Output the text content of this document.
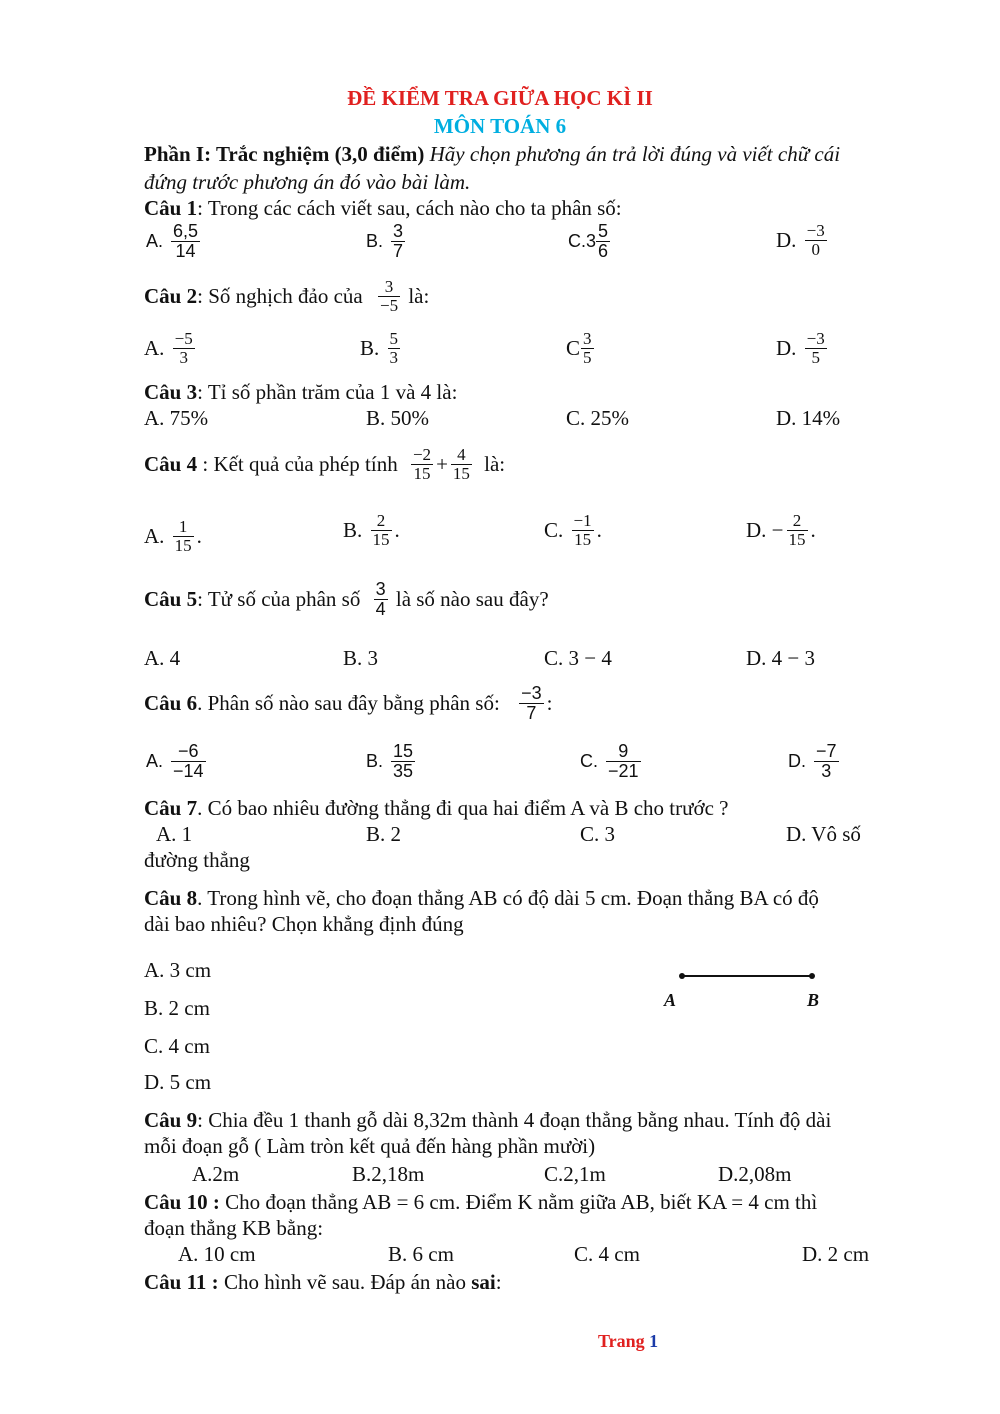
ĐỀ KIỂM TRA GIỮA HỌC KÌ II
MÔN TOÁN 6
Phần I: Trắc nghiệm (3,0 điểm) Hãy chọn phương án trả lời đúng và viết chữ cái
đứng trước phương án đó vào bài làm.
Câu 1: Trong các cách viết sau, cách nào cho ta phân số:
A. $\frac{6,5}{14}$	B. $\frac{3}{7}$	$C.3 \frac{5}{6}$	D. $\frac{-3}{0}$
Câu 2: Số nghịch đảo của $\frac{3}{-5}$ là:
A. $\frac{-5}{3}$	B. $\frac{5}{3}$	C $\frac{3}{5}$	D. $\frac{-3}{5}$
Câu 3: Tỉ số phần trăm của 1 và 4 là:
A. 75%	B. 50%	C. 25%	D. 14%
Câu 4 : Kết quả của phép tính $\frac{-2}{15} + \frac{4}{15}$ là:
A. $\frac{1}{15}$ .	B. $\frac{2}{15}$ .	C. $\frac{-1}{15}$ .	D. − $\frac{2}{15}$ .
Câu 5: Tử số của phân số $\frac{3}{4}$ là số nào sau đây?
A. 4	B. 3	C. 3 − 4	D. 4 − 3
Câu 6. Phân số nào sau đây bằng phân số: $\frac{-3}{7}$ :
A. $\frac{-6}{-14}$	B. $\frac{15}{35}$	C. $\frac{9}{-21}$	D. $\frac{-7}{3}$
Câu 7. Có bao nhiêu đường thẳng đi qua hai điểm A và B cho trước ?
A. 1	B. 2	C. 3	D. Vô số
đường thẳng
Câu 8. Trong hình vẽ, cho đoạn thẳng AB có độ dài 5 cm. Đoạn thẳng BA có độ
dài bao nhiêu? Chọn khẳng định đúng
A. 3 cm
B. 2 cm
C. 4 cm
D. 5 cm
A	B
Câu 9: Chia đều 1 thanh gỗ dài 8,32m thành 4 đoạn thẳng bằng nhau. Tính độ dài
mỗi đoạn gỗ ( Làm tròn kết quả đến hàng phần mười)
A.2m	B.2,18m	C.2,1m	D.2,08m
Câu 10 : Cho đoạn thẳng AB = 6 cm. Điểm K nằm giữa AB, biết KA = 4 cm thì
đoạn thẳng KB bằng:
A. 10 cm	B. 6 cm	C. 4 cm	D. 2 cm
Câu 11 : Cho hình vẽ sau. Đáp án nào sai:
Trang 1
